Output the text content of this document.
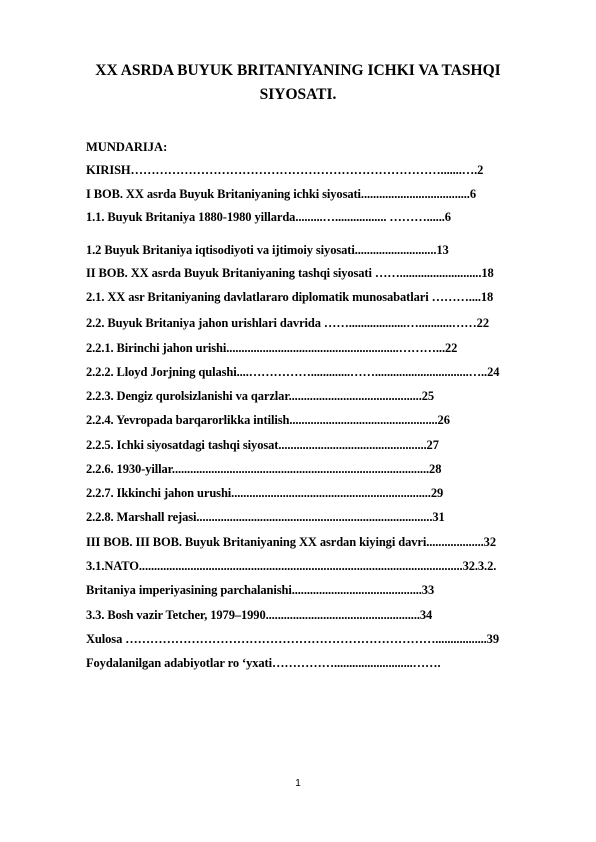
XX ASRDA BUYUK BRITANIYANING ICHKI VA TASHQI
SIYOSATI.
MUNDARIJA:
KIRISH………………………………………………………………….......….2
I BOB. XX asrda Buyuk Britaniyaning ichki siyosati....................................6
1.1. Buyuk Britaniya 1880-1980 yillarda.........…................. ………......6
1.2 Buyuk Britaniya iqtisodiyoti va ijtimoiy siyosati...........................13
II BOB. XX asrda Buyuk Britaniyaning tashqi siyosati ……...........................18
2.1. XX asr Britaniyaning davlatlararo diplomatik munosabatlari ………....18
2.2. Buyuk Britaniya jahon urishlari davrida ……...................…...........……22
2.2.1. Birinchi jahon urishi.........................................................………...22
2.2.2. Lloyd Jorjning qulashi....…………….............……...............................…..24
2.2.3. Dengiz qurolsizlanishi va qarzlar............................................25
2.2.4. Yevropada barqarorlikka intilish.................................................26
2.2.5. Ichki siyosatdagi tashqi siyosat.................................................27
2.2.6. 1930-yillar.....................................................................................28
2.2.7. Ikkinchi jahon urushi..................................................................29
2.2.8. Marshall rejasi..............................................................................31
III BOB. III BOB. Buyuk Britaniyaning XX asrdan kiyingi davri...................32
3.1.NATO...........................................................................................................32.3.2.
Britaniya imperiyasining parchalanishi...........................................33
3.3. Bosh vazir Tetcher, 1979–1990...................................................34
Xulosa ………………………………………………………………….................39
Foydalanilgan adabiyotlar ro ‘yxati……………..........................…….
1
